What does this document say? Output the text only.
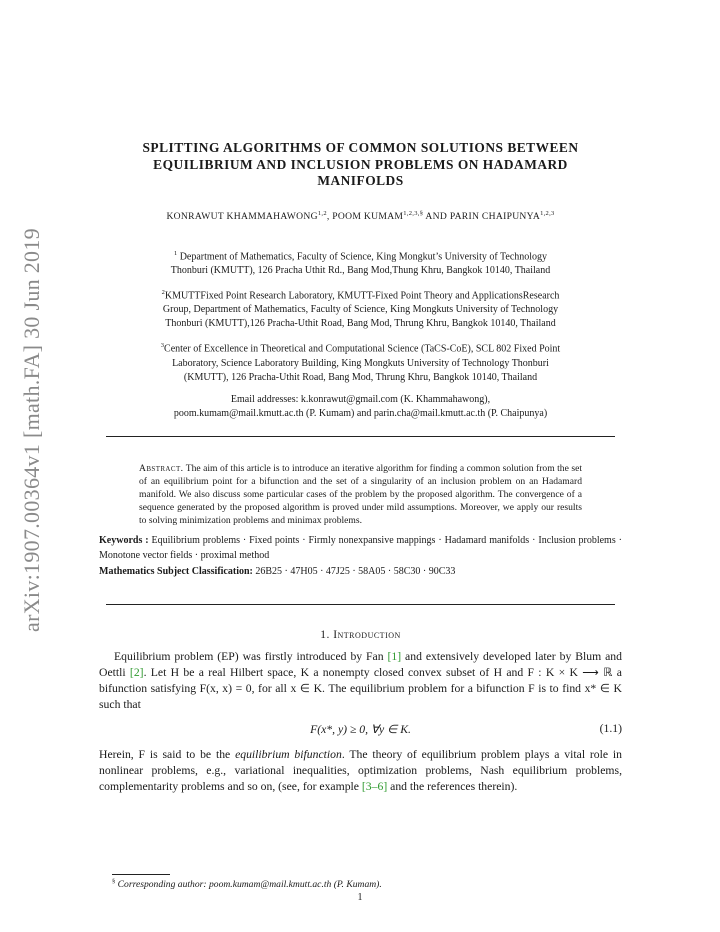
arXiv:1907.00364v1 [math.FA] 30 Jun 2019
SPLITTING ALGORITHMS OF COMMON SOLUTIONS BETWEEN
EQUILIBRIUM AND INCLUSION PROBLEMS ON HADAMARD
MANIFOLDS
KONRAWUT KHAMMAHAWONG$^{1,2}$, POOM $KUMAM^{1,2,3,\S}$ AND PARIN CHAIPUNYA$^{1,2,3}$

$^1$ Department of Mathematics, Faculty of Science, King Mongkut’s University of Technology
Thonburi (KMUTT), 126 Pracha Uthit Rd., Bang Mod,Thung Khru, Bangkok 10140, Thailand

$^2$KMUTTFixed Point Research Laboratory, KMUTT-Fixed Point Theory and ApplicationsResearch
Group, Department of Mathematics, Faculty of Science, King Mongkuts University of Technology
Thonburi (KMUTT),126 Pracha-Uthit Road, Bang Mod, Thrung Khru, Bangkok 10140, Thailand

$^3$Center of Excellence in Theoretical and Computational Science (TaCS-CoE), SCL 802 Fixed Point
Laboratory, Science Laboratory Building, King Mongkuts University of Technology Thonburi
(KMUTT), 126 Pracha-Uthit Road, Bang Mod, Thrung Khru, Bangkok 10140, Thailand

Email addresses: k.konrawut@gmail.com (K. Khammahawong),
poom.kumam@mail.kmutt.ac.th (P. Kumam) and parin.cha@mail.kmutt.ac.th (P. Chaipunya)
Abstract. The aim of this article is to introduce an iterative algorithm for finding a common solution from the set of an equilibrium point for a bifunction and the set of a singularity of an inclusion problem on an Hadamard manifold. We also discuss some particular cases of the problem by the proposed algorithm. The convergence of a sequence generated by the proposed algorithm is proved under mild assumptions. Moreover, we apply our results to solving minimization problems and minimax problems.
Keywords : Equilibrium problems · Fixed points · Firmly nonexpansive mappings · Hadamard manifolds · Inclusion problems · Monotone vector fields · proximal method
Mathematics Subject Classification: 26B25 · 47H05 · 47J25 · 58A05 · 58C30 · 90C33
1. Introduction

Equilibrium problem (EP) was firstly introduced by Fan [1] and extensively developed later by Blum and Oettli [2]. Let H be a real Hilbert space, K a nonempty closed convex subset of H and F : K × K ⟶ ℝ a bifunction satisfying F(x, x) = 0, for all x ∈ K. The equilibrium problem for a bifunction F is to find x* ∈ K such that

F(x*, y) ≥ 0, ∀y ∈ K.	(1.1)

Herein, F is said to be the equilibrium bifunction. The theory of equilibrium problem plays a vital role in nonlinear problems, e.g., variational inequalities, optimization problems, Nash equilibrium problems, complementarity problems and so on, (see, for example [3–6] and the references therein).

§ Corresponding author: poom.kumam@mail.kmutt.ac.th (P. Kumam).
1
